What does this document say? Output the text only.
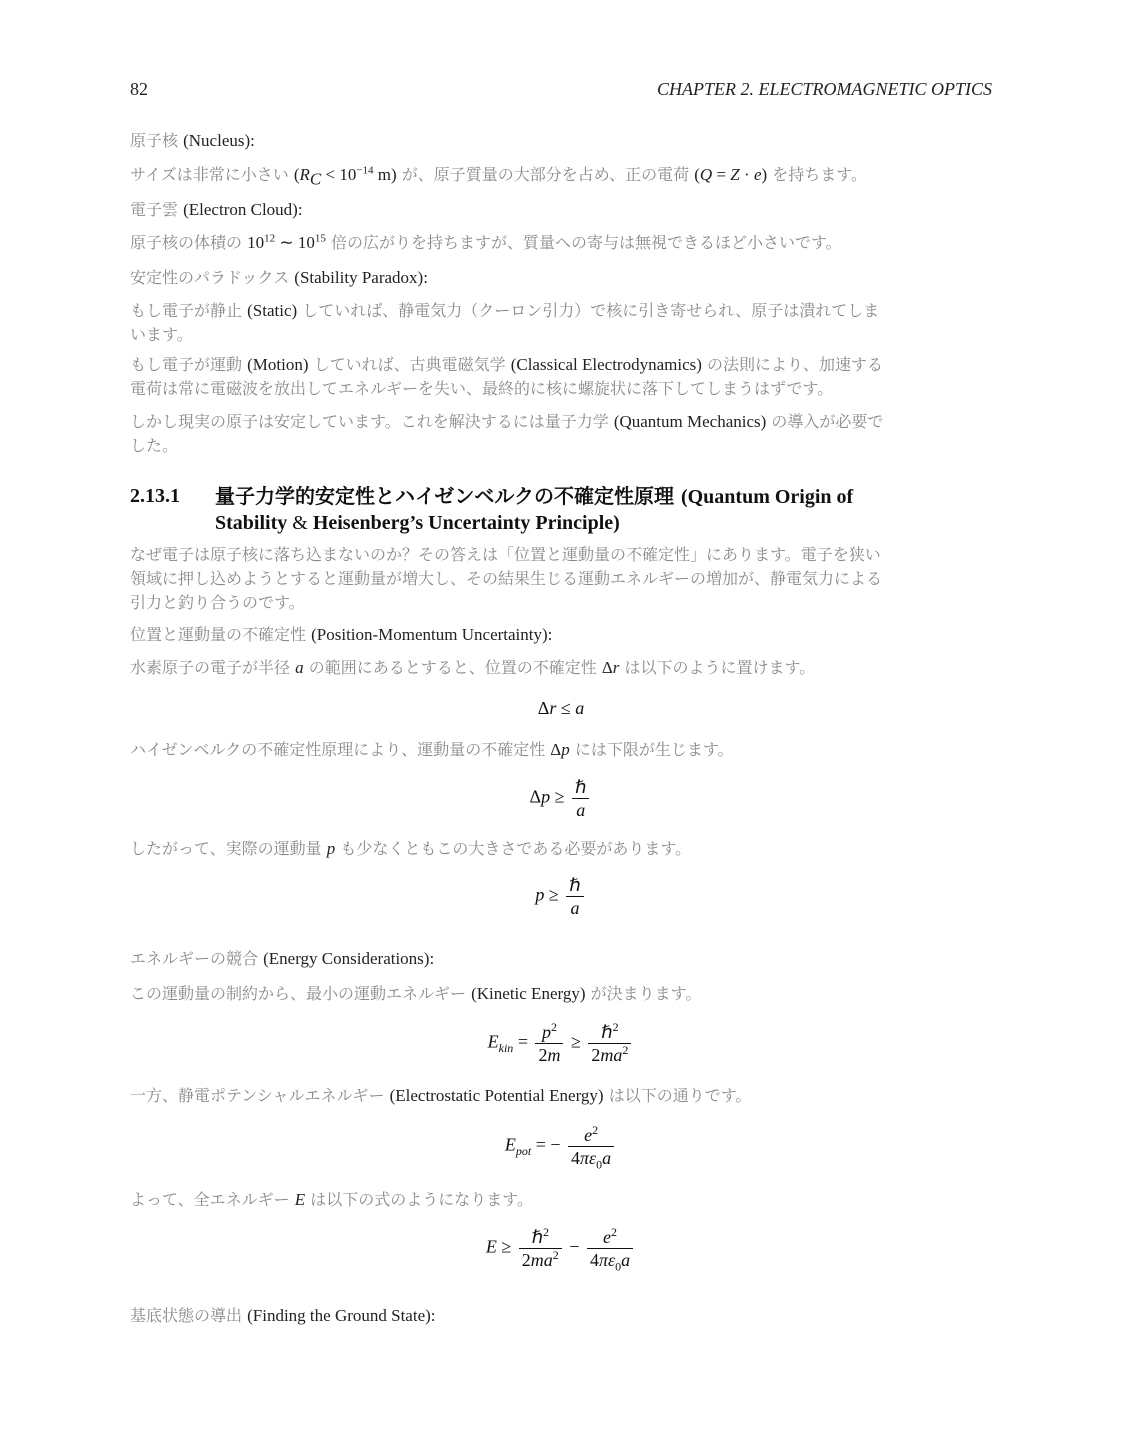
82	CHAPTER 2. ELECTROMAGNETIC OPTICS
原子核 (Nucleus):
サイズは非常に小さい ($R_C < 10^{-14}$ m) が、原子質量の大部分を占め、正の電荷 (Q = Z · e) を持ちます。
電子雲 (Electron Cloud):
原子核の体積の $10^{12}$ ∼ $10^{15}$ 倍の広がりを持ちますが、質量への寄与は無視できるほど小さいです。
安定性のパラドックス (Stability Paradox):
もし電子が静止 (Static) していれば、静電気力（クーロン引力）で核に引き寄せられ、原子は潰れてしま
います。
もし電子が運動 (Motion) していれば、古典電磁気学 (Classical Electrodynamics) の法則により、加速する
電荷は常に電磁波を放出してエネルギーを失い、最終的に核に螺旋状に落下してしまうはずです。
しかし現実の原子は安定しています。これを解決するには量子力学 (Quantum Mechanics) の導入が必要で
した。
2.13.1 量子力学的安定性とハイゼンベルクの不確定性原理 (Quantum Origin of
Stability & Heisenberg’s Uncertainty Principle)
なぜ電子は原子核に落ち込まないのか？その答えは「位置と運動量の不確定性」にあります。電子を狭い
領域に押し込めようとすると運動量が増大し、その結果生じる運動エネルギーの増加が、静電気力による
引力と釣り合うのです。
位置と運動量の不確定性 (Position-Momentum Uncertainty):
水素原子の電子が半径 a の範囲にあるとすると、位置の不確定性 Δr は以下のように置けます。
Δr ≤ a
ハイゼンベルクの不確定性原理により、運動量の不確定性 Δp には下限が生じます。
$\Delta p \ge \frac{\text{ℏ}}{a}$
したがって、実際の運動量 p も少なくともこの大きさである必要があります。
$p \ge \frac{\text{ℏ}}{a}$
エネルギーの競合 (Energy Considerations):
この運動量の制約から、最小の運動エネルギー (Kinetic Energy) が決まります。
$E_{kin} = \frac{p^2}{2m} \ge \frac{\hbar^2}{2ma^2}$
一方、静電ポテンシャルエネルギー (Electrostatic Potential Energy) は以下の通りです。
$E_{pot}$ = − $\frac{e^2}{4\pi\varepsilon_0a}$
よって、全エネルギー E は以下の式のようになります。
$E \ge \frac{\hbar^2}{2ma^2} - \frac{e^2}{4\pi\varepsilon_0a}$
基底状態の導出 (Finding the Ground State):
